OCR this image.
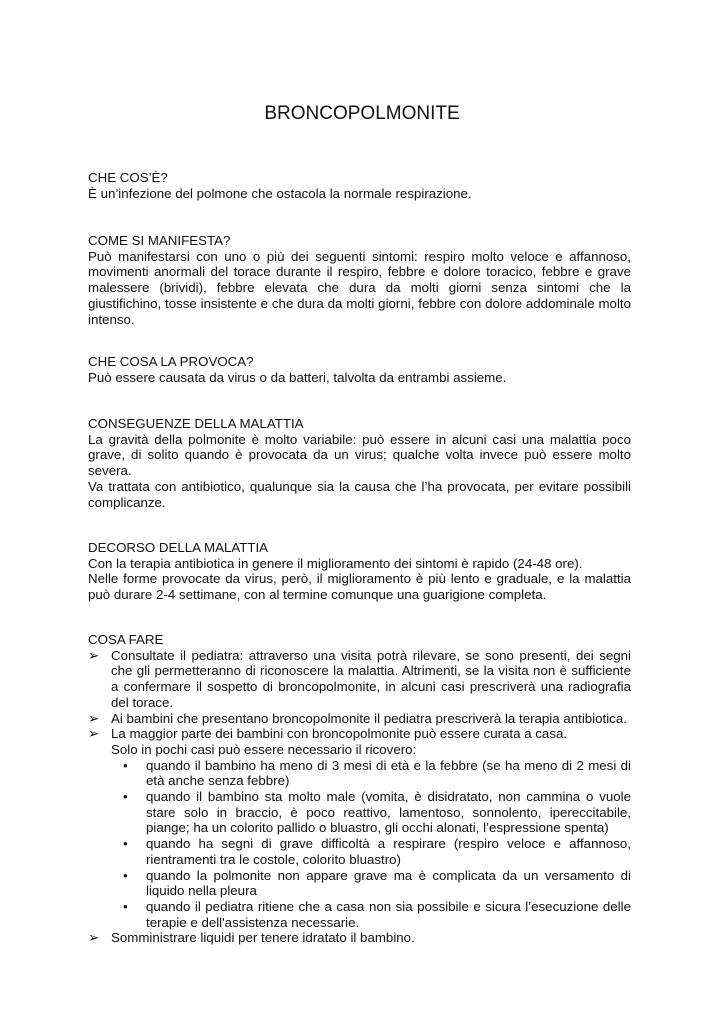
BRONCOPOLMONITE

CHE COS’È?

È un’infezione del polmone che ostacola la normale respirazione.

COME SI MANIFESTA?

Può manifestarsi con uno o più dei seguenti sintomi: respiro molto veloce e affannoso, movimenti anormali del torace durante il respiro, febbre e dolore toracico, febbre e grave malessere (brividi), febbre elevata che dura da molti giorni senza sintomi che la giustifichino, tosse insistente e che dura da molti giorni, febbre con dolore addominale molto intenso.

CHE COSA LA PROVOCA?

Può essere causata da virus o da batteri, talvolta da entrambi assieme.

CONSEGUENZE DELLA MALATTIA

La gravità della polmonite è molto variabile: può essere in alcuni casi una malattia poco grave, di solito quando è provocata da un virus; qualche volta invece può essere molto severa.

Va trattata con antibiotico, qualunque sia la causa che l’ha provocata, per evitare possibili complicanze.

DECORSO DELLA MALATTIA

Con la terapia antibiotica in genere il miglioramento dei sintomi è rapido (24-48 ore).

Nelle forme provocate da virus, però, il miglioramento è più lento e graduale, e la malattia può durare 2-4 settimane, con al termine comunque una guarigione completa.

COSA FARE

➢ Consultate il pediatra: attraverso una visita potrà rilevare, se sono presenti, dei segni che gli permetteranno di riconoscere la malattia. Altrimenti, se la visita non è sufficiente a confermare il sospetto di broncopolmonite, in alcuni casi prescriverà una radiografia del torace.
➢ Ai bambini che presentano broncopolmonite il pediatra prescriverà la terapia antibiotica.
➢ La maggior parte dei bambini con broncopolmonite può essere curata a casa.
Solo in pochi casi può essere necessario il ricovero:
• quando il bambino ha meno di 3 mesi di età e la febbre (se ha meno di 2 mesi di età anche senza febbre)
• quando il bambino sta molto male (vomita, è disidratato, non cammina o vuole stare solo in braccio, è poco reattivo, lamentoso, sonnolento, ipereccitabile, piange; ha un colorito pallido o bluastro, gli occhi alonati, l’espressione spenta)
• quando ha segni di grave difficoltà a respirare (respiro veloce e affannoso, rientramenti tra le costole, colorito bluastro)
• quando la polmonite non appare grave ma è complicata da un versamento di liquido nella pleura
• quando il pediatra ritiene che a casa non sia possibile e sicura l’esecuzione delle terapie e dell'assistenza necessarie.
➢ Somministrare liquidi per tenere idratato il bambino.
